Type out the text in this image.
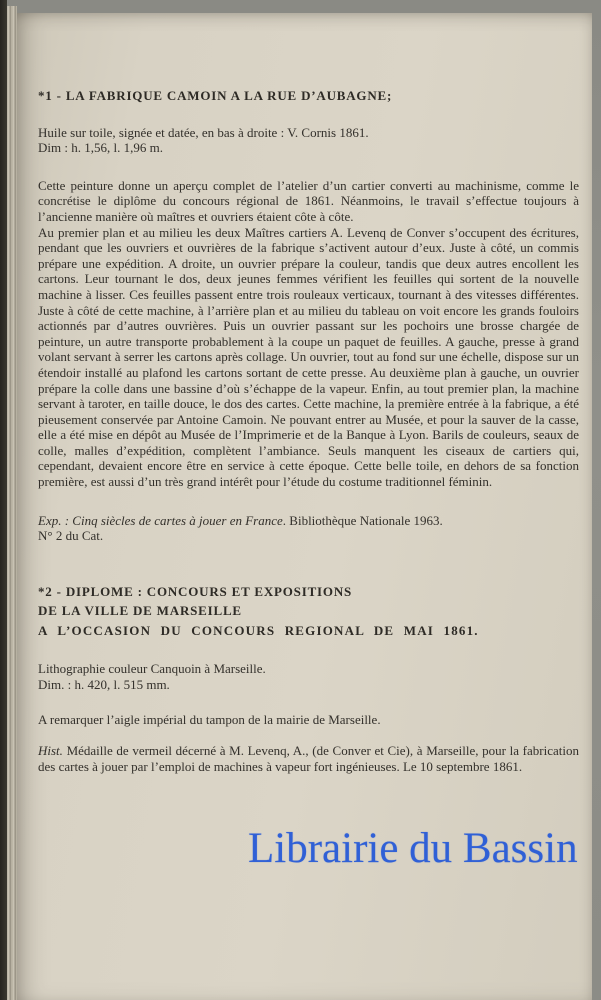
*1 - LA FABRIQUE CAMOIN A LA RUE D’AUBAGNE;

Huile sur toile, signée et datée, en bas à droite : V. Cornis 1861.
Dim : h. 1,56, l. 1,96 m.

Cette peinture donne un aperçu complet de l’atelier d’un cartier converti au machinisme, comme le concrétise le diplôme du concours régional de 1861. Néanmoins, le travail s’effectue toujours à l’ancienne manière où maîtres et ouvriers étaient côte à côte.

Au premier plan et au milieu les deux Maîtres cartiers A. Levenq de Conver s’occupent des écritures, pendant que les ouvriers et ouvrières de la fabrique s’activent autour d’eux. Juste à côté, un commis prépare une expédition. A droite, un ouvrier prépare la couleur, tandis que deux autres encollent les cartons. Leur tournant le dos, deux jeunes femmes vérifient les feuilles qui sortent de la nouvelle machine à lisser. Ces feuilles passent entre trois rouleaux verticaux, tournant à des vitesses différentes. Juste à côté de cette machine, à l’arrière plan et au milieu du tableau on voit encore les grands fouloirs actionnés par d’autres ouvrières. Puis un ouvrier passant sur les pochoirs une brosse chargée de peinture, un autre transporte probablement à la coupe un paquet de feuilles. A gauche, presse à grand volant servant à serrer les cartons après collage. Un ouvrier, tout au fond sur une échelle, dispose sur un étendoir installé au plafond les cartons sortant de cette presse. Au deuxième plan à gauche, un ouvrier prépare la colle dans une bassine d’où s’échappe de la vapeur. Enfin, au tout premier plan, la machine servant à taroter, en taille douce, le dos des cartes. Cette machine, la première entrée à la fabrique, a été pieusement conservée par Antoine Camoin. Ne pouvant entrer au Musée, et pour la sauver de la casse, elle a été mise en dépôt au Musée de l’Imprimerie et de la Banque à Lyon. Barils de couleurs, seaux de colle, malles d’expédition, complètent l’ambiance. Seuls manquent les ciseaux de cartiers qui, cependant, devaient encore être en service à cette époque. Cette belle toile, en dehors de sa fonction première, est aussi d’un très grand intérêt pour l’étude du costume traditionnel féminin.

Exp. : Cinq siècles de cartes à jouer en France. Bibliothèque Nationale 1963.
N° 2 du Cat.

*2 - DIPLOME : CONCOURS ET EXPOSITIONS
DE LA VILLE DE MARSEILLE
A L’OCCASION DU CONCOURS REGIONAL DE MAI 1861.

Lithographie couleur Canquoin à Marseille.
Dim. : h. 420, l. 515 mm.

A remarquer l’aigle impérial du tampon de la mairie de Marseille.

Hist. Médaille de vermeil décerné à M. Levenq, A., (de Conver et Cie), à Marseille, pour la fabrication des cartes à jouer par l’emploi de machines à vapeur fort ingénieuses. Le 10 septembre 1861.

Librairie du Bassin
